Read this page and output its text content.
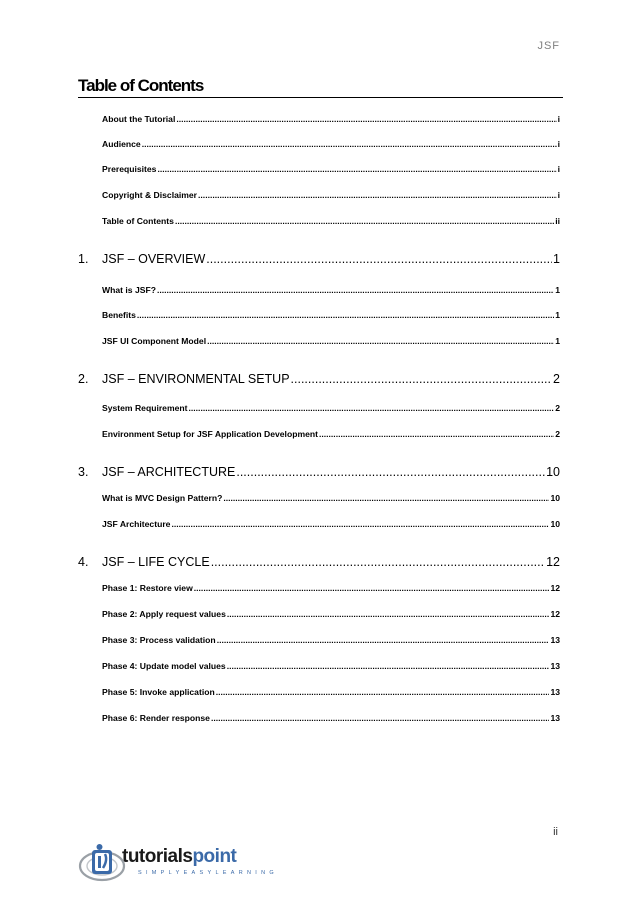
JSF
Table of Contents
About the Tutorial .....	i
Audience .....	i
Prerequisites .....	i
Copyright & Disclaimer .....	i
Table of Contents .....	ii
1.	JSF – OVERVIEW .....	1
What is JSF? .....	1
Benefits .....	1
JSF UI Component Model .....	1
2.	JSF – ENVIRONMENTAL SETUP .....	2
System Requirement .....	2
Environment Setup for JSF Application Development .....	2
3.	JSF – ARCHITECTURE .....	10
What is MVC Design Pattern? .....	10
JSF Architecture .....	10
4.	JSF – LIFE CYCLE .....	12
Phase 1: Restore view .....	12
Phase 2: Apply request values .....	12
Phase 3: Process validation .....	13
Phase 4: Update model values .....	13
Phase 5: Invoke application .....	13
Phase 6: Render response .....	13
ii
tutorialspoint
SIMPLYEASYLEARNING
